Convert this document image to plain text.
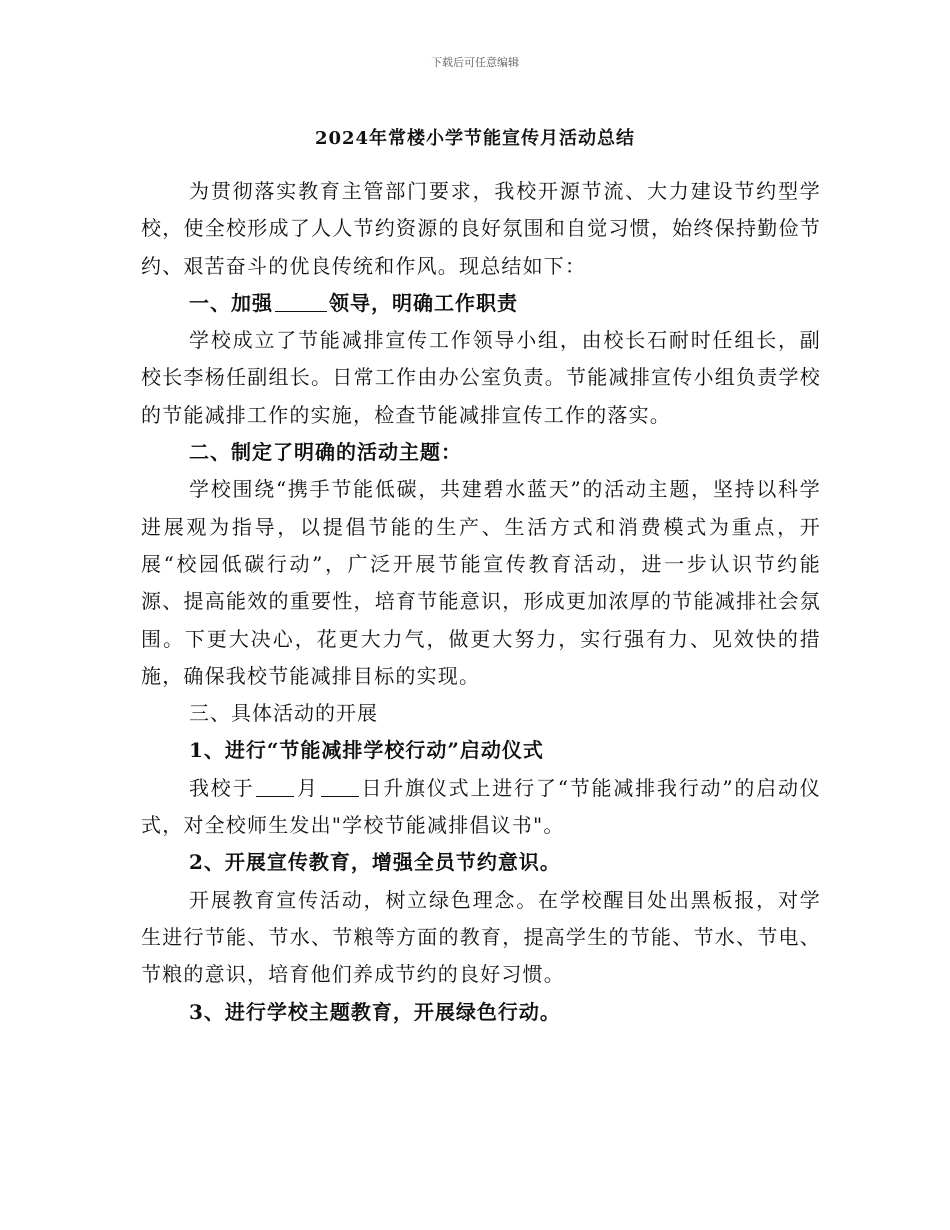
下载后可任意编辑
2024年常楼小学节能宣传月活动总结

为贯彻落实教育主管部门要求，我校开源节流、大力建设节约型学校，使全校形成了人人节约资源的良好氛围和自觉习惯，始终保持勤俭节约、艰苦奋斗的优良传统和作风。现总结如下：

一、加强	领导，明确工作职责

学校成立了节能减排宣传工作领导小组，由校长石耐时任组长，副校长李杨任副组长。日常工作由办公室负责。节能减排宣传小组负责学校的节能减排工作的实施，检查节能减排宣传工作的落实。

二、制定了明确的活动主题：

学校围绕“携手节能低碳，共建碧水蓝天”的活动主题，坚持以科学进展观为指导，以提倡节能的生产、生活方式和消费模式为重点，开展“校园低碳行动”，广泛开展节能宣传教育活动，进一步认识节约能源、提高能效的重要性，培育节能意识，形成更加浓厚的节能减排社会氛围。下更大决心，花更大力气，做更大努力，实行强有力、见效快的措施，确保我校节能减排目标的实现。

三、具体活动的开展

1、进行“节能减排学校行动”启动仪式

我校于 月 日升旗仪式上进行了“节能减排我行动”的启动仪式，对全校师生发出"学校节能减排倡议书"。

2、开展宣传教育，增强全员节约意识。

开展教育宣传活动，树立绿色理念。在学校醒目处出黑板报，对学生进行节能、节水、节粮等方面的教育，提高学生的节能、节水、节电、节粮的意识，培育他们养成节约的良好习惯。

3、进行学校主题教育，开展绿色行动。
